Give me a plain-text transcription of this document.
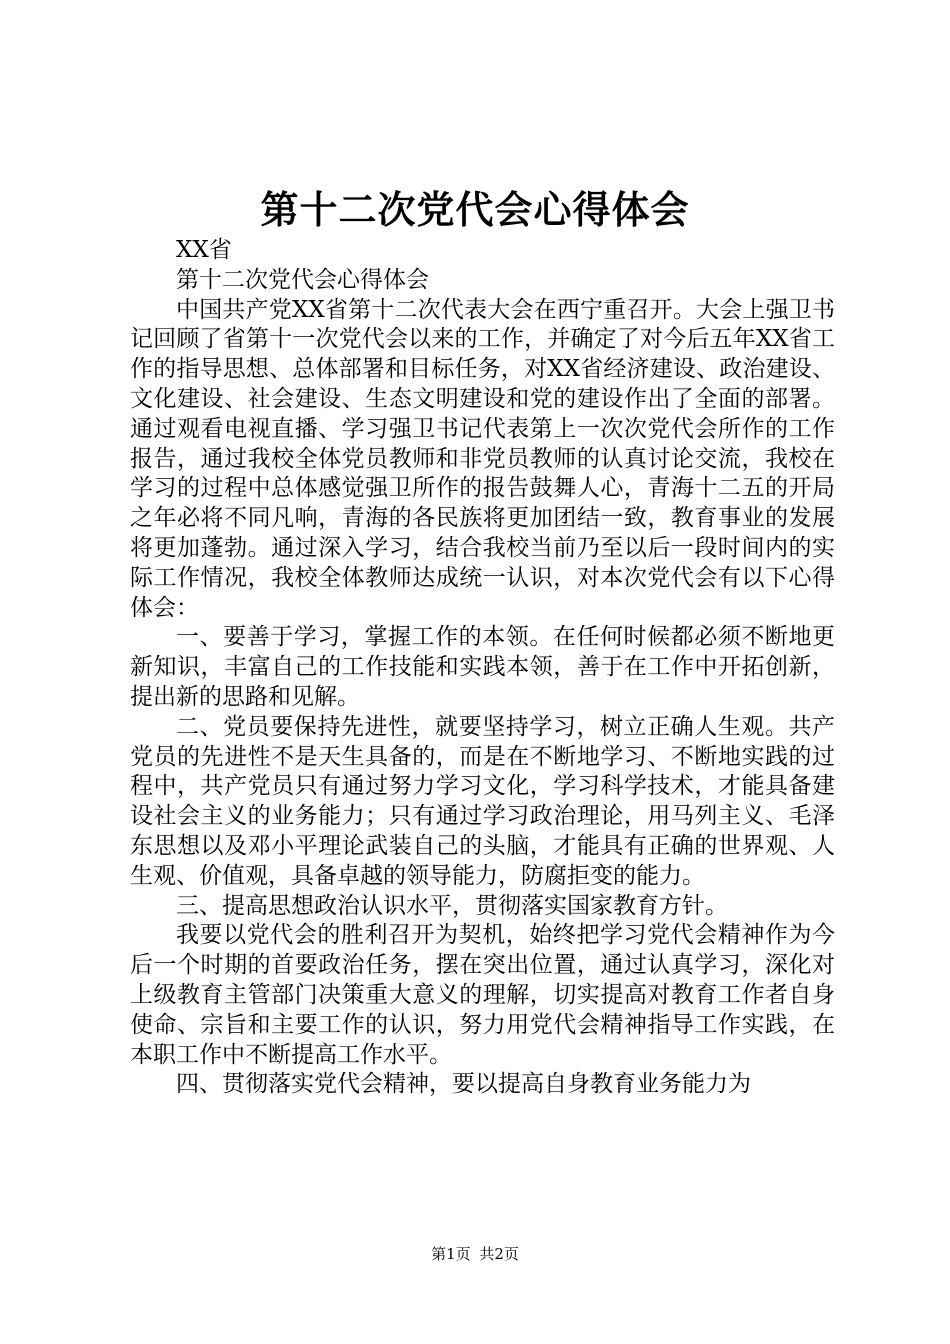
第十二次党代会心得体会

XX省

第十二次党代会心得体会

中国共产党XX省第十二次代表大会在西宁重召开。大会上强卫书记回顾了省第十一次党代会以来的工作，并确定了对今后五年XX省工作的指导思想、总体部署和目标任务，对XX省经济建设、政治建设、文化建设、社会建设、生态文明建设和党的建设作出了全面的部署。通过观看电视直播、学习强卫书记代表第上一次次党代会所作的工作报告，通过我校全体党员教师和非党员教师的认真讨论交流，我校在学习的过程中总体感觉强卫所作的报告鼓舞人心，青海十二五的开局之年必将不同凡响，青海的各民族将更加团结一致，教育事业的发展将更加蓬勃。通过深入学习，结合我校当前乃至以后一段时间内的实际工作情况，我校全体教师达成统一认识，对本次党代会有以下心得体会：

一、要善于学习，掌握工作的本领。在任何时候都必须不断地更新知识，丰富自己的工作技能和实践本领，善于在工作中开拓创新，提出新的思路和见解。

二、党员要保持先进性，就要坚持学习，树立正确人生观。共产党员的先进性不是天生具备的，而是在不断地学习、不断地实践的过程中，共产党员只有通过努力学习文化，学习科学技术，才能具备建设社会主义的业务能力；只有通过学习政治理论，用马列主义、毛泽东思想以及邓小平理论武装自己的头脑，才能具有正确的世界观、人生观、价值观，具备卓越的领导能力，防腐拒变的能力。

三、提高思想政治认识水平，贯彻落实国家教育方针。

我要以党代会的胜利召开为契机，始终把学习党代会精神作为今后一个时期的首要政治任务，摆在突出位置，通过认真学习，深化对上级教育主管部门决策重大意义的理解，切实提高对教育工作者自身使命、宗旨和主要工作的认识，努力用党代会精神指导工作实践，在本职工作中不断提高工作水平。

四、贯彻落实党代会精神，要以提高自身教育业务能力为

第1页 共2页
